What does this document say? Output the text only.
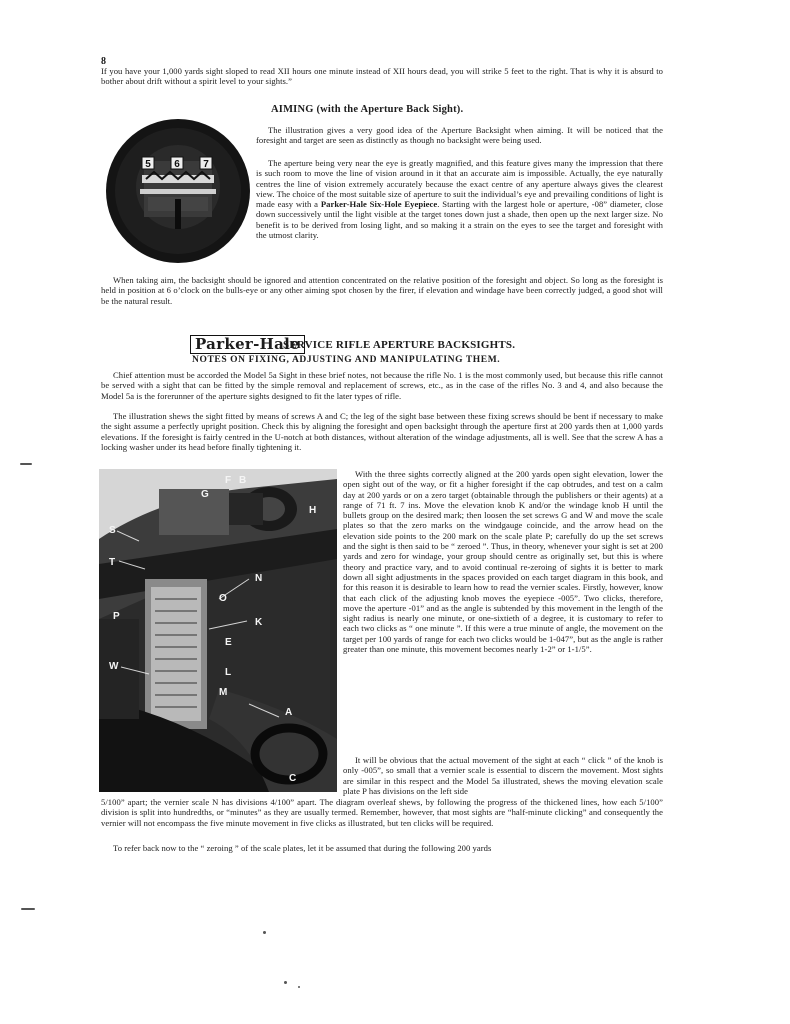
8
If you have your 1,000 yards sight sloped to read XII hours one minute instead of XII hours dead, you will strike 5 feet to the right. That is why it is absurd to bother about drift without a spirit level to your sights.”
AIMING (with the Aperture Back Sight).
5 6 7
The illustration gives a very good idea of the Aperture Backsight when aiming. It will be noticed that the foresight and target are seen as distinctly as though no backsight were being used.
The aperture being very near the eye is greatly magnified, and this feature gives many the impression that there is such room to move the line of vision around in it that an accurate aim is impossible. Actually, the eye naturally centres the line of vision extremely accurately because the exact centre of any aperture always gives the clearest view. The choice of the most suitable size of aperture to suit the individual’s eye and prevailing conditions of light is made easy with a Parker-Hale Six-Hole Eyepiece. Starting with the largest hole or aperture, -08” diameter, close down successively until the light visible at the target tones down just a shade, then open up the next larger size. No benefit is to be derived from losing light, and so making it a strain on the eyes to see the target and foresight with the utmost clarity.
When taking aim, the backsight should be ignored and attention concentrated on the relative position of the foresight and object. So long as the foresight is held in position at 6 o’clock on the bulls-eye or any other aiming spot chosen by the firer, if elevation and windage have been correctly judged, a good shot will be the natural result.
Parker-Hale
SERVICE RIFLE APERTURE BACKSIGHTS.
NOTES ON FIXING, ADJUSTING AND MANIPULATING THEM.
Chief attention must be accorded the Model 5a Sight in these brief notes, not because the rifle No. 1 is the most commonly used, but because this rifle cannot be served with a sight that can be fitted by the simple removal and replacement of screws, etc., as in the case of the rifles No. 3 and 4, and also because the Model 5a is the forerunner of the aperture sights designed to fit the later types of rifle.
The illustration shews the sight fitted by means of screws A and C; the leg of the sight base between these fixing screws should be bent if necessary to make the sight assume a perfectly upright position. Check this by aligning the foresight and open backsight through the aperture first at 200 yards then at 1,000 yards elevations. If the foresight is fairly centred in the U-notch at both distances, without alteration of the windage adjustments, all is well. See that the screw A has a locking washer under its head before finally tightening it.
G
F B
S
T
H
P
N
O
K
E
L
M
W
A
C
With the three sights correctly aligned at the 200 yards open sight elevation, lower the open sight out of the way, or fit a higher foresight if the cap obtrudes, and test on a calm day at 200 yards or on a zero target (obtainable through the publishers or their agents) at a range of 71 ft. 7 ins. Move the elevation knob K and/or the windage knob H until the bullets group on the desired mark; then loosen the set screws G and W and move the scale plates so that the zero marks on the windgauge coincide, and the arrow head on the elevation side points to the 200 mark on the scale plate P; carefully do up the set screws and the sight is then said to be “ zeroed ”. Thus, in theory, whenever your sight is set at 200 yards and zero for windage, your group should centre as originally set, but this is where theory and practice vary, and to avoid continual re-zeroing of sights it is better to mark down all sight adjustments in the spaces provided on each target diagram in this book, and for this reason it is desirable to learn how to read the vernier scales. Firstly, however, know that each click of the adjusting knob moves the eyepiece -005”. Two clicks, therefore, move the aperture -01” and as the angle is subtended by this movement in the length of the sight radius is nearly one minute, or one-sixtieth of a degree, it is customary to refer to each two clicks as “ one minute ”. If this were a true minute of angle, the movement on the target per 100 yards of range for each two clicks would be 1-047”, but as the angle is rather greater than one minute, this movement becomes nearly 1-2” or 1-1/5”.
It will be obvious that the actual movement of the sight at each “ click ” of the knob is only -005”, so small that a vernier scale is essential to discern the movement. Most sights are similar in this respect and the Model 5a illustrated, shews the moving elevation scale plate P has divisions on the left side
5/100” apart; the vernier scale N has divisions 4/100” apart. The diagram overleaf shews, by following the progress of the thickened lines, how each 5/100” division is split into hundredths, or “minutes” as they are usually termed. Remember, however, that most sights are “half-minute clicking” and consequently the vernier will not encompass the five minute movement in five clicks as illustrated, but ten clicks will be required.
To refer back now to the “ zeroing ” of the scale plates, let it be assumed that during the following 200 yards
